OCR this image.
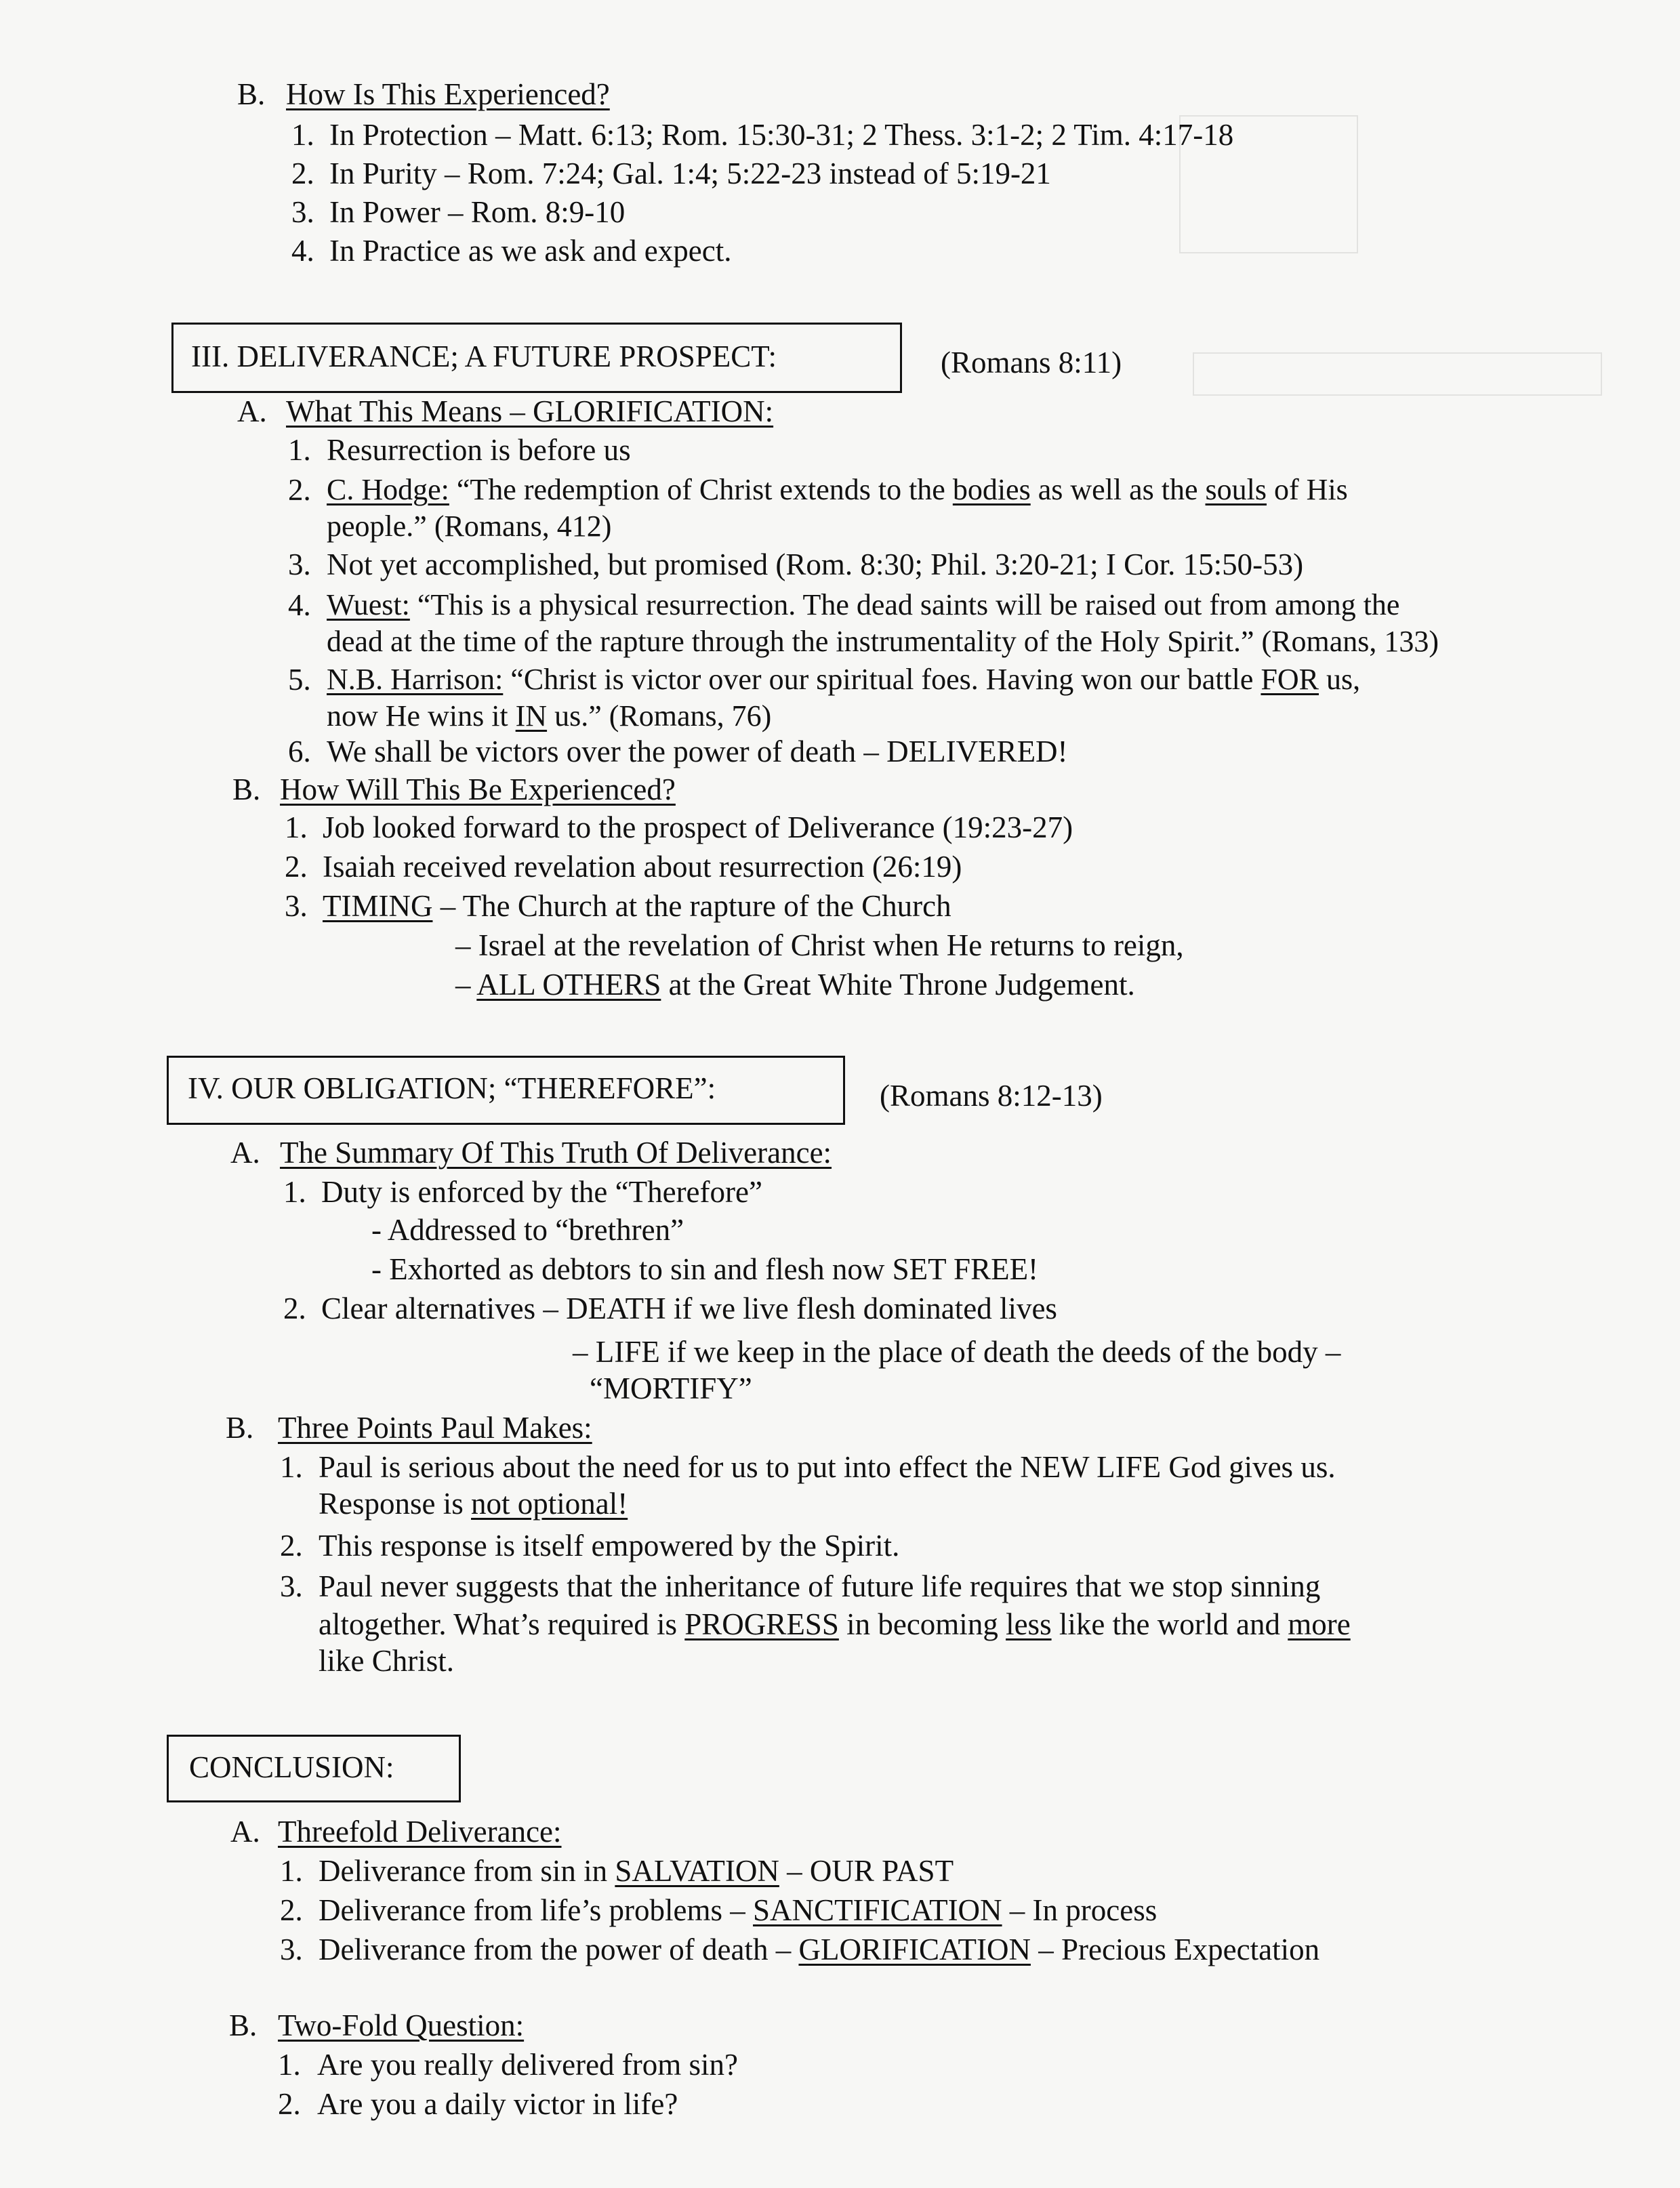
B. How Is This Experienced?
1. In Protection – Matt. 6:13; Rom. 15:30-31; 2 Thess. 3:1-2; 2 Tim. 4:17-18
2. In Purity – Rom. 7:24; Gal. 1:4; 5:22-23 instead of 5:19-21
3. In Power – Rom. 8:9-10
4. In Practice as we ask and expect.
III. DELIVERANCE; A FUTURE PROSPECT:	(Romans 8:11)
A. What This Means – GLORIFICATION:
1. Resurrection is before us
2. C. Hodge: “The redemption of Christ extends to the bodies as well as the souls of His
people.” (Romans, 412)
3. Not yet accomplished, but promised (Rom. 8:30; Phil. 3:20-21; I Cor. 15:50-53)
4. Wuest: “This is a physical resurrection. The dead saints will be raised out from among the
dead at the time of the rapture through the instrumentality of the Holy Spirit.” (Romans, 133)
5. N.B. Harrison: “Christ is victor over our spiritual foes. Having won our battle FOR us,
now He wins it IN us.” (Romans, 76)
6. We shall be victors over the power of death – DELIVERED!
B. How Will This Be Experienced?
1. Job looked forward to the prospect of Deliverance (19:23-27)
2. Isaiah received revelation about resurrection (26:19)
3. TIMING – The Church at the rapture of the Church
– Israel at the revelation of Christ when He returns to reign,
– ALL OTHERS at the Great White Throne Judgement.
IV. OUR OBLIGATION; “THEREFORE”:	(Romans 8:12-13)
A. The Summary Of This Truth Of Deliverance:
1. Duty is enforced by the “Therefore”
- Addressed to “brethren”
- Exhorted as debtors to sin and flesh now SET FREE!
2. Clear alternatives – DEATH if we live flesh dominated lives
– LIFE if we keep in the place of death the deeds of the body –
“MORTIFY”
B. Three Points Paul Makes:
1. Paul is serious about the need for us to put into effect the NEW LIFE God gives us.
Response is not optional!
2. This response is itself empowered by the Spirit.
3. Paul never suggests that the inheritance of future life requires that we stop sinning
altogether. What’s required is PROGRESS in becoming less like the world and more
like Christ.
CONCLUSION:
A. Threefold Deliverance:
1. Deliverance from sin in SALVATION – OUR PAST
2. Deliverance from life’s problems – SANCTIFICATION – In process
3. Deliverance from the power of death – GLORIFICATION – Precious Expectation
B. Two-Fold Question:
1. Are you really delivered from sin?
2. Are you a daily victor in life?
